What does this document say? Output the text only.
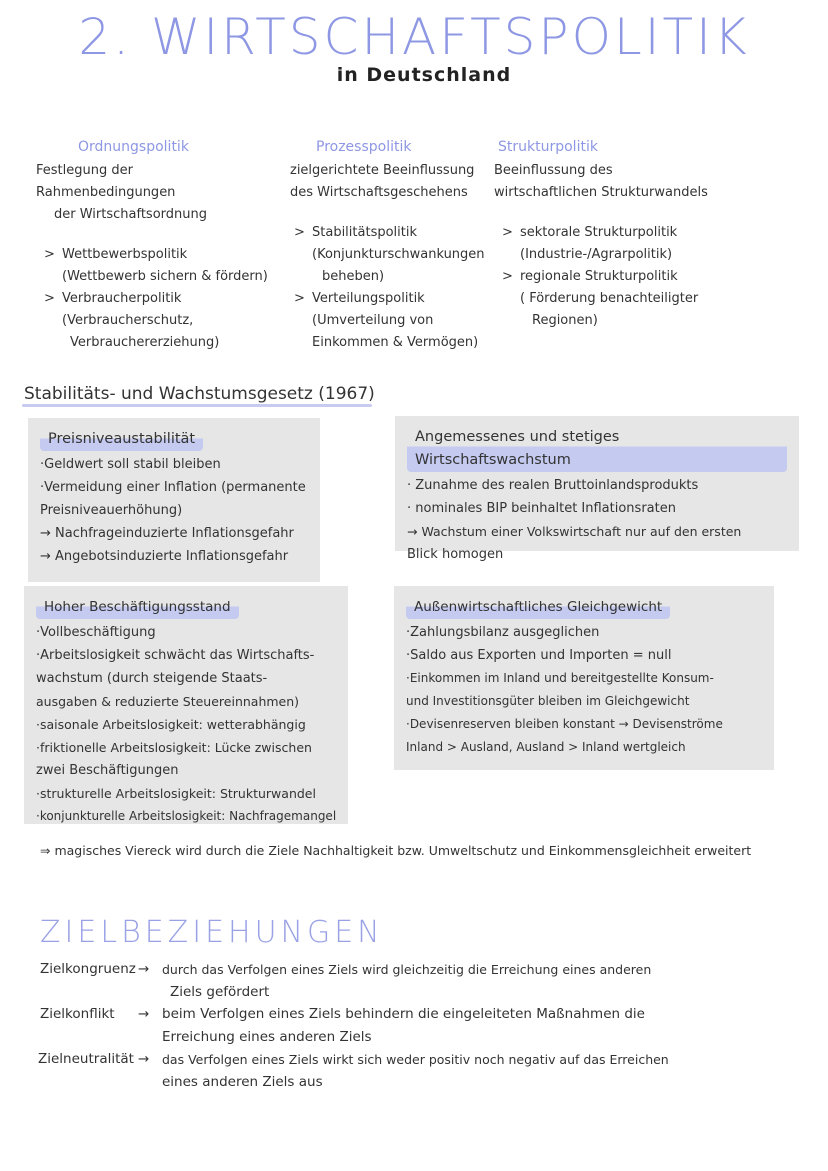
2. WIRTSCHAFTSPOLITIK
in Deutschland
Ordnungspolitik
Festlegung der Rahmenbedingungen
der Wirtschaftsordnung
> Wettbewerbspolitik
(Wettbewerb sichern & fördern)
> Verbraucherpolitik
(Verbraucherschutz,
Verbrauchererziehung)
Prozesspolitik
zielgerichtete Beeinflussung
des Wirtschaftsgeschehens
> Stabilitätspolitik
(Konjunkturschwankungen
beheben)
> Verteilungspolitik
(Umverteilung von
Einkommen & Vermögen)
Strukturpolitik
Beeinflussung des
wirtschaftlichen Strukturwandels
> sektorale Strukturpolitik
(Industrie-/Agrarpolitik)
> regionale Strukturpolitik
( Förderung benachteiligter
Regionen)
Stabilitäts- und Wachstumsgesetz (1967)
Preisniveaustabilität
·Geldwert soll stabil bleiben
·Vermeidung einer Inflation (permanente
Preisniveauerhöhung)
→ Nachfrageinduzierte Inflationsgefahr
→ Angebotsinduzierte Inflationsgefahr
Angemessenes und stetiges Wirtschaftswachstum
· Zunahme des realen Bruttoinlandsprodukts
· nominales BIP beinhaltet Inflationsraten
→ Wachstum einer Volkswirtschaft nur auf den ersten
Blick homogen
Hoher Beschäftigungsstand
·Vollbeschäftigung
·Arbeitslosigkeit schwächt das Wirtschafts-
wachstum (durch steigende Staats-
ausgaben & reduzierte Steuereinnahmen)
·saisonale Arbeitslosigkeit: wetterabhängig
·friktionelle Arbeitslosigkeit: Lücke zwischen
zwei Beschäftigungen
·strukturelle Arbeitslosigkeit: Strukturwandel
·konjunkturelle Arbeitslosigkeit: Nachfragemangel
Außenwirtschaftliches Gleichgewicht
·Zahlungsbilanz ausgeglichen
·Saldo aus Exporten und Importen = null
·Einkommen im Inland und bereitgestellte Konsum-
und Investitionsgüter bleiben im Gleichgewicht
·Devisenreserven bleiben konstant → Devisenströme
Inland > Ausland, Ausland > Inland wertgleich
⇒ magisches Viereck wird durch die Ziele Nachhaltigkeit bzw. Umweltschutz und Einkommensgleichheit erweitert
ZIELBEZIEHUNGEN
Zielkongruenz → durch das Verfolgen eines Ziels wird gleichzeitig die Erreichung eines anderen
Ziels gefördert
Zielkonflikt → beim Verfolgen eines Ziels behindern die eingeleiteten Maßnahmen die
Erreichung eines anderen Ziels
Zielneutralität → das Verfolgen eines Ziels wirkt sich weder positiv noch negativ auf das Erreichen
eines anderen Ziels aus
